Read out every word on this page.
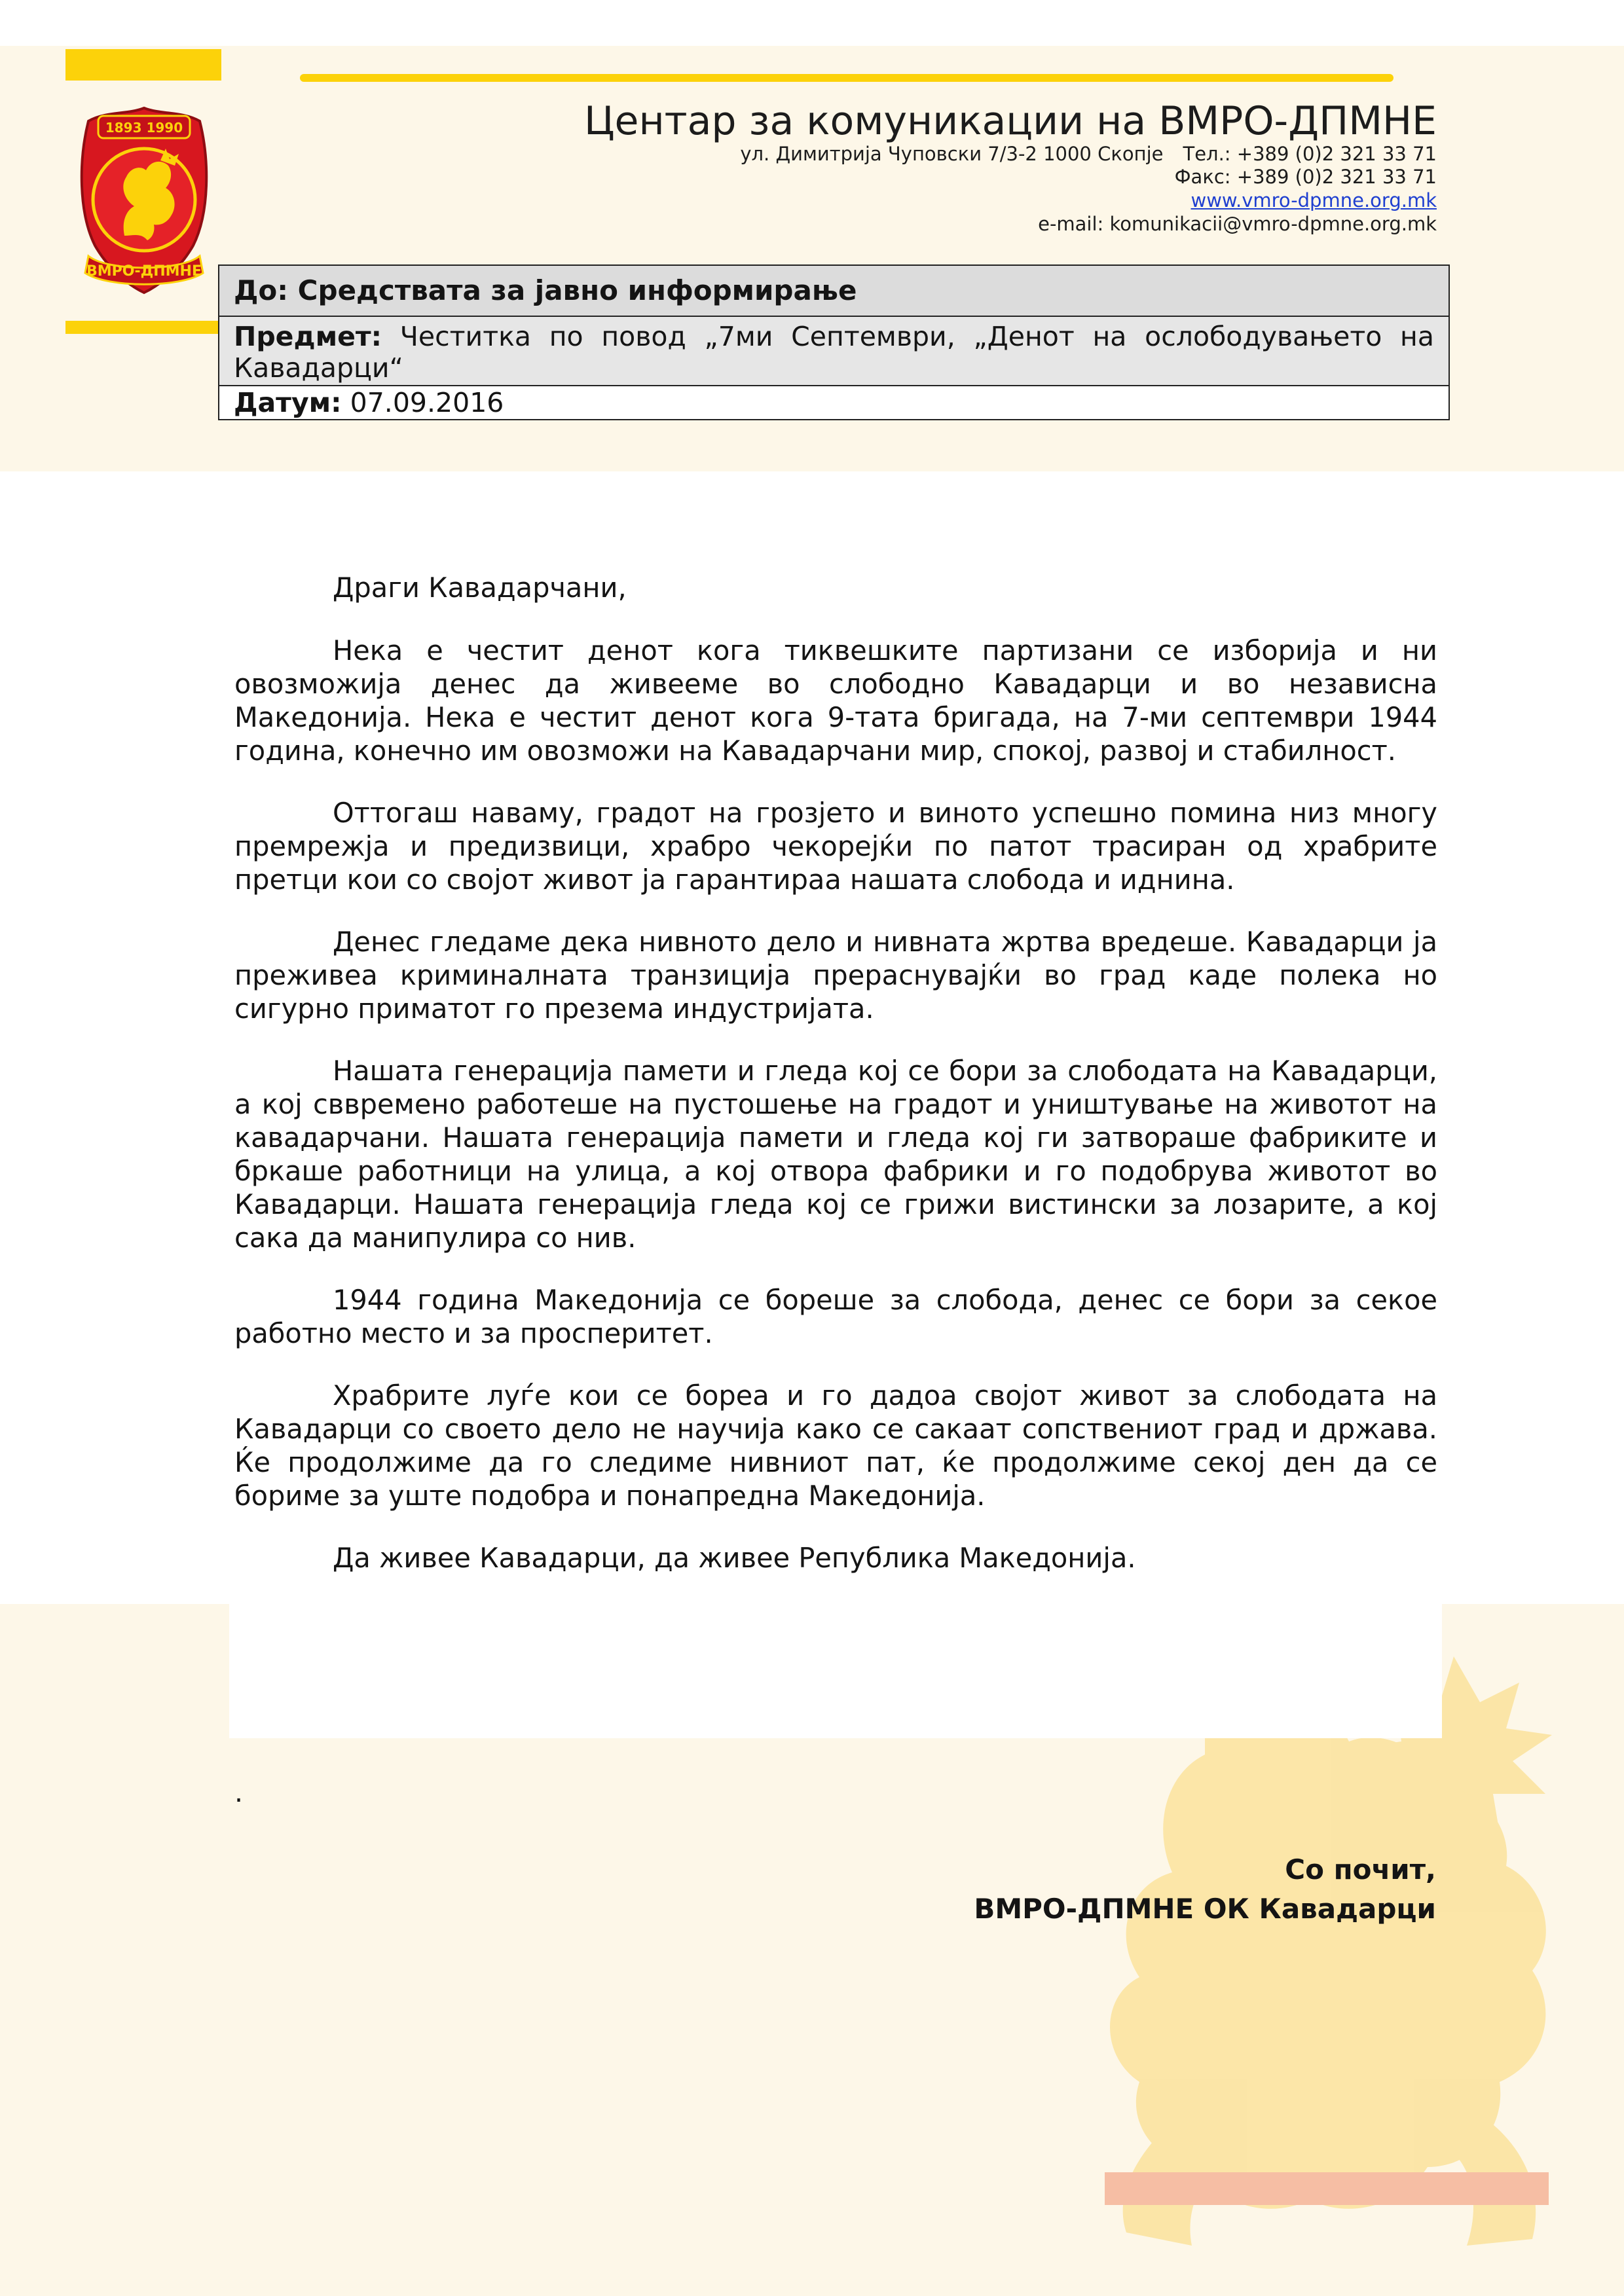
1893 1990
ВМРО-ДПМНЕ
Центар за комуникации на ВМРО-ДПМНЕ
ул. Димитрија Чуповски 7/3-2 1000 Скопје Тел.: +389 (0)2 321 33 71
Факс: +389 (0)2 321 33 71
www.vmro-dpmne.org.mk
e-mail: komunikacii@vmro-dpmne.org.mk
До: Средствата за јавно информирање
Предмет: Честитка по повод „7ми Септември, „Денот на ослободувањето на Кавадарци“
Датум: 07.09.2016

Драги Кавадарчани,

Нека е честит денот кога тиквешките партизани се изборија и ни овозможија денес да живееме во слободно Кавадарци и во независна Македонија. Нека е честит денот кога 9-тата бригада, на 7-ми септември 1944 година, конечно им овозможи на Кавадарчани мир, спокој, развој и стабилност.

Оттогаш наваму, градот на грозјето и виното успешно помина низ многу премрежја и предизвици, храбро чекорејќи по патот трасиран од храбрите претци кои со својот живот ја гарантираа нашата слобода и иднина.

Денес гледаме дека нивното дело и нивната жртва вредеше. Кавадарци ја преживеа криминалната транзиција прераснувајќи во град каде полека но сигурно приматот го презема индустријата.

Нашата генерација памети и гледа кој се бори за слободата на Кавадарци, а кој сввремено работеше на пустошење на градот и уништување на животот на кавадарчани. Нашата генерација памети и гледа кој ги затвораше фабриките и бркаше работници на улица, а кој отвора фабрики и го подобрува животот во Кавадарци. Нашата генерација гледа кој се грижи вистински за лозарите, а кој сака да манипулира со нив.

1944 година Македонија се бореше за слобода, денес се бори за секое работно место и за просперитет.

Храбрите луѓе кои се бореа и го дадоа својот живот за слободата на Кавадарци со своето дело не научија како се сакаат сопствениот град и држава. Ќе продолжиме да го следиме нивниот пат, ќе продолжиме секој ден да се бориме за уште подобра и понапредна Македонија.

Да живее Кавадарци, да живее Република Македонија.

.
Со почит,
ВМРО-ДПМНЕ ОК Кавадарци
